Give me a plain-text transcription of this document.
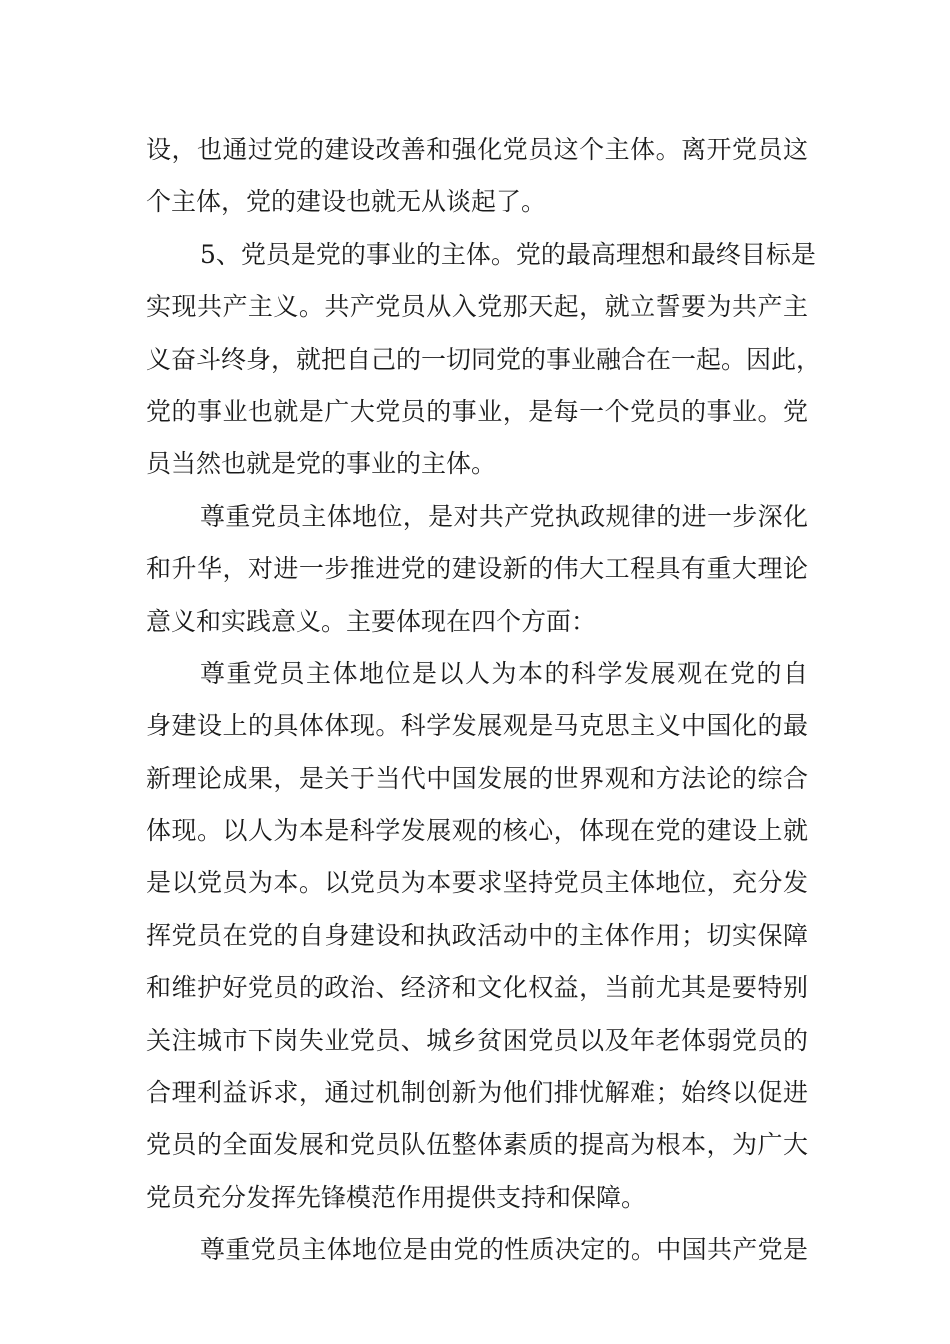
设，也通过党的建设改善和强化党员这个主体。离开党员这
个主体，党的建设也就无从谈起了。
5、党员是党的事业的主体。党的最高理想和最终目标是
实现共产主义。共产党员从入党那天起，就立誓要为共产主
义奋斗终身，就把自己的一切同党的事业融合在一起。因此，
党的事业也就是广大党员的事业，是每一个党员的事业。党
员当然也就是党的事业的主体。
尊重党员主体地位，是对共产党执政规律的进一步深化
和升华，对进一步推进党的建设新的伟大工程具有重大理论
意义和实践意义。主要体现在四个方面：
尊重党员主体地位是以人为本的科学发展观在党的自
身建设上的具体体现。科学发展观是马克思主义中国化的最
新理论成果，是关于当代中国发展的世界观和方法论的综合
体现。以人为本是科学发展观的核心，体现在党的建设上就
是以党员为本。以党员为本要求坚持党员主体地位，充分发
挥党员在党的自身建设和执政活动中的主体作用；切实保障
和维护好党员的政治、经济和文化权益，当前尤其是要特别
关注城市下岗失业党员、城乡贫困党员以及年老体弱党员的
合理利益诉求，通过机制创新为他们排忧解难；始终以促进
党员的全面发展和党员队伍整体素质的提高为根本，为广大
党员充分发挥先锋模范作用提供支持和保障。
尊重党员主体地位是由党的性质决定的。中国共产党是
